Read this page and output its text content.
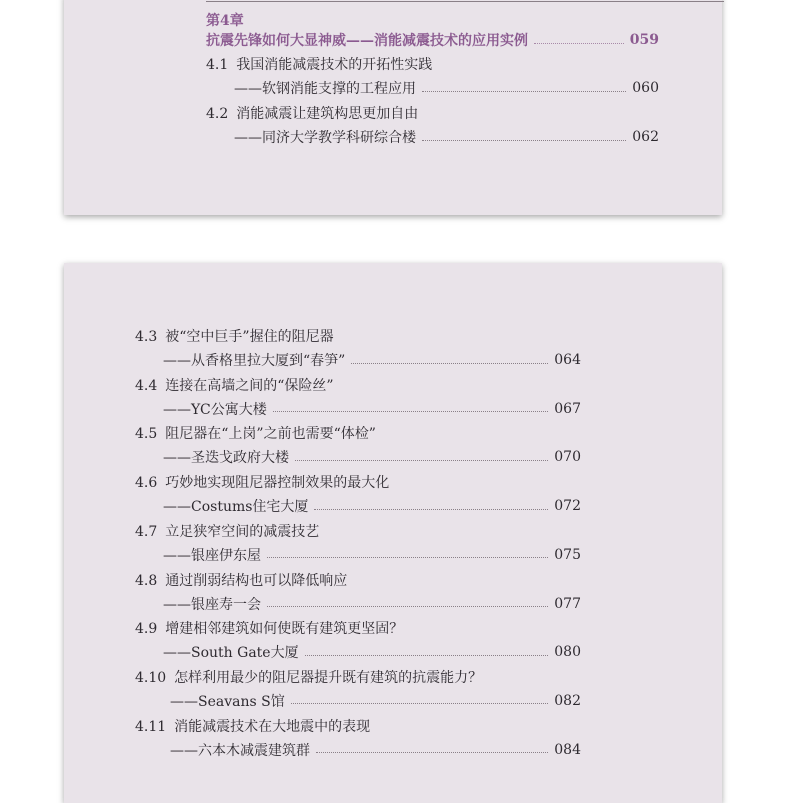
第4章
抗震先锋如何大显神威——消能减震技术的应用实例	059
4.1 我国消能减震技术的开拓性实践
——软钢消能支撑的工程应用	060
4.2 消能减震让建筑构思更加自由
——同济大学教学科研综合楼	062
4.3 被“空中巨手”握住的阻尼器
——从香格里拉大厦到“春笋”	064
4.4 连接在高墙之间的“保险丝”
——YC公寓大楼	067
4.5 阻尼器在“上岗”之前也需要“体检”
——圣迭戈政府大楼	070
4.6 巧妙地实现阻尼器控制效果的最大化
——Costums住宅大厦	072
4.7 立足狭窄空间的减震技艺
——银座伊东屋	075
4.8 通过削弱结构也可以降低响应
——银座寿一会	077
4.9 增建相邻建筑如何使既有建筑更坚固？
——South Gate大厦	080
4.10 怎样利用最少的阻尼器提升既有建筑的抗震能力？
——Seavans S馆	082
4.11 消能减震技术在大地震中的表现
——六本木减震建筑群	084
